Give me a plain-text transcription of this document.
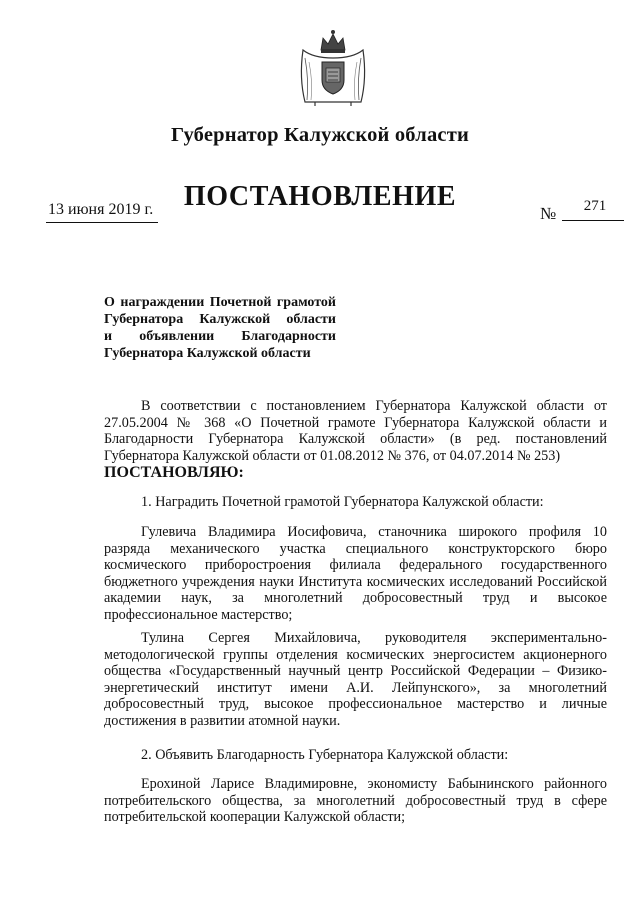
Губернатор Калужской области
ПОСТАНОВЛЕНИЕ
13 июня 2019 г.	№	271
О награждении Почетной грамотой
Губернатора Калужской области
и объявлении Благодарности
Губернатора Калужской области

В соответствии с постановлением Губернатора Калужской области от 27.05.2004 № 368 «О Почетной грамоте Губернатора Калужской области и Благодарности Губернатора Калужской области» (в ред. постановлений Губернатора Калужской области от 01.08.2012 № 376, от 04.07.2014 № 253)

ПОСТАНОВЛЯЮ:

1. Наградить Почетной грамотой Губернатора Калужской области:

Гулевича Владимира Иосифовича, станочника широкого профиля 10 разряда механического участка специального конструкторского бюро космического приборостроения филиала федерального государственного бюджетного учреждения науки Института космических исследований Российской академии наук, за многолетний добросовестный труд и высокое профессиональное мастерство;

Тулина Сергея Михайловича, руководителя экспериментально-методологической группы отделения космических энергосистем акционерного общества «Государственный научный центр Российской Федерации – Физико-энергетический институт имени А.И. Лейпунского», за многолетний добросовестный труд, высокое профессиональное мастерство и личные достижения в развитии атомной науки.

2. Объявить Благодарность Губернатора Калужской области:

Ерохиной Ларисе Владимировне, экономисту Бабынинского районного потребительского общества, за многолетний добросовестный труд в сфере потребительской кооперации Калужской области;
